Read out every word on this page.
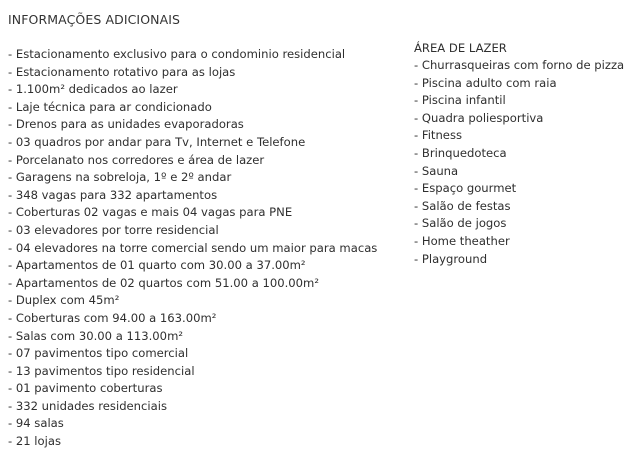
INFORMAÇÕES ADICIONAIS
- Estacionamento exclusivo para o condominio residencial
- Estacionamento rotativo para as lojas
- 1.100m² dedicados ao lazer
- Laje técnica para ar condicionado
- Drenos para as unidades evaporadoras
- 03 quadros por andar para Tv, Internet e Telefone
- Porcelanato nos corredores e área de lazer
- Garagens na sobreloja, 1º e 2º andar
- 348 vagas para 332 apartamentos
- Coberturas 02 vagas e mais 04 vagas para PNE
- 03 elevadores por torre residencial
- 04 elevadores na torre comercial sendo um maior para macas
- Apartamentos de 01 quarto com 30.00 a 37.00m²
- Apartamentos de 02 quartos com 51.00 a 100.00m²
- Duplex com 45m²
- Coberturas com 94.00 a 163.00m²
- Salas com 30.00 a 113.00m²
- 07 pavimentos tipo comercial
- 13 pavimentos tipo residencial
- 01 pavimento coberturas
- 332 unidades residenciais
- 94 salas
- 21 lojas
ÁREA DE LAZER
- Churrasqueiras com forno de pizza
- Piscina adulto com raia
- Piscina infantil
- Quadra poliesportiva
- Fitness
- Brinquedoteca
- Sauna
- Espaço gourmet
- Salão de festas
- Salão de jogos
- Home theather
- Playground
